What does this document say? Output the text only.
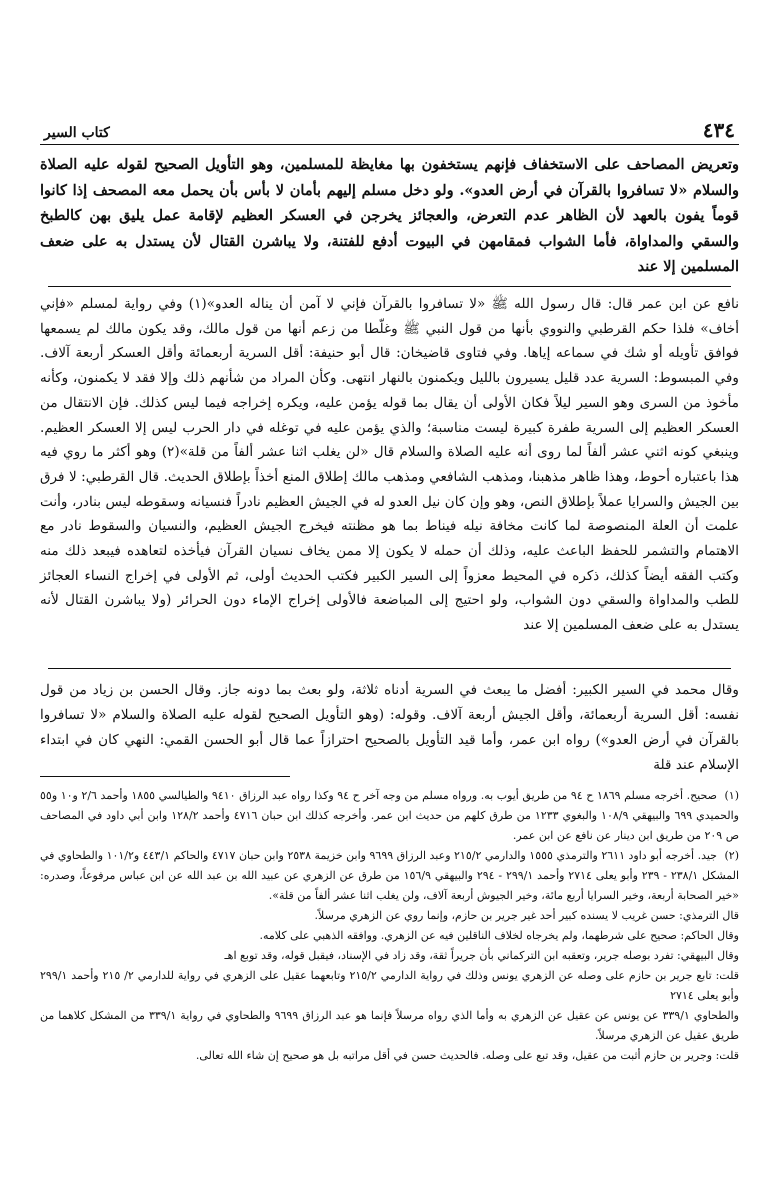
٤٣٤
كتاب السير

وتعريض المصاحف على الاستخفاف فإنهم يستخفون بها مغايظة للمسلمين، وهو التأويل الصحيح لقوله عليه الصلاة والسلام «لا تسافروا بالقرآن في أرض العدو». ولو دخل مسلم إليهم بأمان لا بأس بأن يحمل معه المصحف إذا كانوا قوماً يفون بالعهد لأن الظاهر عدم التعرض، والعجائز يخرجن في العسكر العظيم لإقامة عمل يليق بهن كالطبخ والسقي والمداواة، فأما الشواب فمقامهن في البيوت أدفع للفتنة، ولا يباشرن القتال لأن يستدل به على ضعف المسلمين إلا عند

نافع عن ابن عمر قال: قال رسول الله ﷺ «لا تسافروا بالقرآن فإني لا آمن أن يناله العدو»(١) وفي رواية لمسلم «فإني أخاف» فلذا حكم القرطبي والنووي بأنها من قول النبي ﷺ وغلّطا من زعم أنها من قول مالك، وقد يكون مالك لم يسمعها فوافق تأويله أو شك في سماعه إياها. وفي فتاوى قاضيخان: قال أبو حنيفة: أقل السرية أربعمائة وأقل العسكر أربعة آلاف. وفي المبسوط: السرية عدد قليل يسيرون بالليل ويكمنون بالنهار انتهى. وكأن المراد من شأنهم ذلك وإلا فقد لا يكمنون، وكأنه مأخوذ من السرى وهو السير ليلاً فكان الأولى أن يقال بما قوله يؤمن عليه، ويكره إخراجه فيما ليس كذلك. فإن الانتقال من العسكر العظيم إلى السرية طفرة كبيرة ليست مناسبة؛ والذي يؤمن عليه في توغله في دار الحرب ليس إلا العسكر العظيم. وينبغي كونه اثني عشر ألفاً لما روى أنه عليه الصلاة والسلام قال «لن يغلب اثنا عشر ألفاً من قلة»(٢) وهو أكثر ما روي فيه هذا باعتباره أحوط، وهذا ظاهر مذهبنا، ومذهب الشافعي ومذهب مالك إطلاق المنع أخذاً بإطلاق الحديث. قال القرطبي: لا فرق بين الجيش والسرايا عملاً بإطلاق النص، وهو وإن كان نيل العدو له في الجيش العظيم نادراً فنسيانه وسقوطه ليس بنادر، وأنت علمت أن العلة المنصوصة لما كانت مخافة نيله فيناط بما هو مظنته فيخرج الجيش العظيم، والنسيان والسقوط نادر مع الاهتمام والتشمر للحفظ الباعث عليه، وذلك أن حمله لا يكون إلا ممن يخاف نسيان القرآن فيأخذه لتعاهده فيبعد ذلك منه وكتب الفقه أيضاً كذلك، ذكره في المحيط معزواً إلى السير الكبير فكتب الحديث أولى، ثم الأولى في إخراج النساء العجائز للطب والمداواة والسقي دون الشواب، ولو احتيج إلى المباضعة فالأولى إخراج الإماء دون الحرائر (ولا يباشرن القتال لأنه يستدل به على ضعف المسلمين إلا عند

وقال محمد في السير الكبير: أفضل ما يبعث في السرية أدناه ثلاثة، ولو بعث بما دونه جاز. وقال الحسن بن زياد من قول نفسه: أقل السرية أربعمائة، وأقل الجيش أربعة آلاف. وقوله: (وهو التأويل الصحيح لقوله عليه الصلاة والسلام «لا تسافروا بالقرآن في أرض العدو») رواه ابن عمر، وأما قيد التأويل بالصحيح احترازاً عما قال أبو الحسن القمي: النهي كان في ابتداء الإسلام عند قلة

(١) صحيح. أخرجه مسلم ١٨٦٩ ح ٩٤ من طريق أيوب به. ورواه مسلم من وجه آخر ح ٩٤ وكذا رواه عبد الرزاق ٩٤١٠ والطيالسي ١٨٥٥ وأحمد ٢/٦ و١٠ و٥٥ والحميدي ٦٩٩ والبيهقي ١٠٨/٩ والبغوي ١٢٣٣ من طرق كلهم من حديث ابن عمر. وأخرجه كذلك ابن حبان ٤٧١٦ وأحمد ١٢٨/٢ وابن أبي داود في المصاحف ص ٢٠٩ من طريق ابن دينار عن نافع عن ابن عمر.

(٢) جيد. أخرجه أبو داود ٢٦١١ والترمذي ١٥٥٥ والدارمي ٢١٥/٢ وعبد الرزاق ٩٦٩٩ وابن خزيمة ٢٥٣٨ وابن حبان ٤٧١٧ والحاكم ٤٤٣/١ و١٠١/٢ والطحاوي في المشكل ٢٣٨/١ - ٢٣٩ وأبو يعلى ٢٧١٤ وأحمد ٢٩٩/١ - ٢٩٤ والبيهقي ١٥٦/٩ من طرق عن الزهري عن عبيد الله بن عبد الله عن ابن عباس مرفوعاً، وصدره: «خير الصحابة أربعة، وخير السرايا أربع مائة، وخير الجيوش أربعة آلاف، ولن يغلب اثنا عشر ألفاً من قلة».

قال الترمذي: حسن غريب لا يسنده كبير أحد غير جرير بن حازم، وإنما روي عن الزهري مرسلاً.

وقال الحاكم: صحيح على شرطهما، ولم يخرجاه لخلاف الناقلين فيه عن الزهري. ووافقه الذهبي على كلامه.

وقال البيهقي: تفرد بوصله جرير، وتعقبه ابن التركماني بأن جريراً ثقة، وقد زاد في الإسناد، فيقبل قوله، وقد توبع اهـ

قلت: تابع جرير بن حازم على وصله عن الزهري يونس وذلك في رواية الدارمي ٢١٥/٢ وتابعهما عقيل على الزهري في رواية للدارمي ٢/ ٢١٥ وأحمد ٢٩٩/١ وأبو يعلى ٢٧١٤

والطحاوي ٣٣٩/١ عن يونس عن عقيل عن الزهري به وأما الذي رواه مرسلاً فإنما هو عبد الرزاق ٩٦٩٩ والطحاوي في رواية ٣٣٩/١ من المشكل كلاهما من طريق عقيل عن الزهري مرسلاً.

قلت: وجرير بن حازم أثبت من عقيل، وقد تبع على وصله. فالحديث حسن في أقل مراتبه بل هو صحيح إن شاء الله تعالى.
